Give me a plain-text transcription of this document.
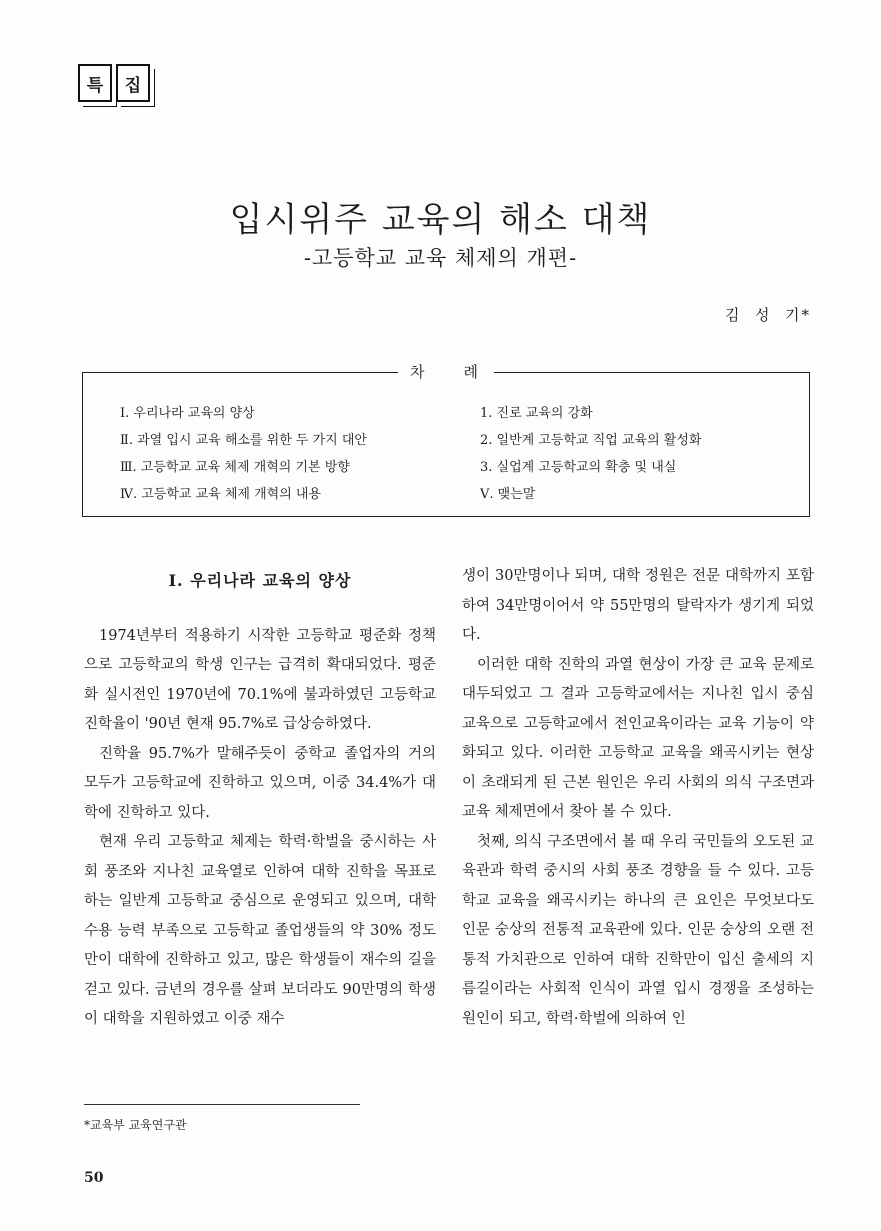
특	집
입시위주 교육의 해소 대책
-고등학교 교육 체제의 개편-
김  성  기*
차    례
Ⅰ. 우리나라 교육의 양상
Ⅱ. 과열 입시 교육 해소를 위한 두 가지 대안
Ⅲ. 고등학교 교육 체제 개혁의 기본 방향
Ⅳ. 고등학교 교육 체제 개혁의 내용
1. 진로 교육의 강화
2. 일반계 고등학교 직업 교육의 활성화
3. 실업계 고등학교의 확충 및 내실
Ⅴ. 맺는말
Ⅰ. 우리나라 교육의 양상

1974년부터 적용하기 시작한 고등학교 평준화 정책으로 고등학교의 학생 인구는 급격히 확대되었다. 평준화 실시전인 1970년에 70.1%에 불과하였던 고등학교 진학율이 '90년 현재 95.7%로 급상승하였다.

진학율 95.7%가 말해주듯이 중학교 졸업자의 거의 모두가 고등학교에 진학하고 있으며, 이중 34.4%가 대학에 진학하고 있다.

현재 우리 고등학교 체제는 학력·학벌을 중시하는 사회 풍조와 지나친 교육열로 인하여 대학 진학을 목표로 하는 일반계 고등학교 중심으로 운영되고 있으며, 대학 수용 능력 부족으로 고등학교 졸업생들의 약 30% 정도만이 대학에 진학하고 있고, 많은 학생들이 재수의 길을 걷고 있다. 금년의 경우를 살펴 보더라도 90만명의 학생이 대학을 지원하였고 이중 재수

생이 30만명이나 되며, 대학 정원은 전문 대학까지 포함하여 34만명이어서 약 55만명의 탈락자가 생기게 되었다.

이러한 대학 진학의 과열 현상이 가장 큰 교육 문제로 대두되었고 그 결과 고등학교에서는 지나친 입시 중심 교육으로 고등학교에서 전인교육이라는 교육 기능이 약화되고 있다. 이러한 고등학교 교육을 왜곡시키는 현상이 초래되게 된 근본 원인은 우리 사회의 의식 구조면과 교육 체제면에서 찾아 볼 수 있다.

첫째, 의식 구조면에서 볼 때 우리 국민들의 오도된 교육관과 학력 중시의 사회 풍조 경향을 들 수 있다. 고등학교 교육을 왜곡시키는 하나의 큰 요인은 무엇보다도 인문 숭상의 전통적 교육관에 있다. 인문 숭상의 오랜 전통적 가치관으로 인하여 대학 진학만이 입신 출세의 지름길이라는 사회적 인식이 과열 입시 경쟁을 조성하는 원인이 되고, 학력·학벌에 의하여 인

*교육부 교육연구관
50
